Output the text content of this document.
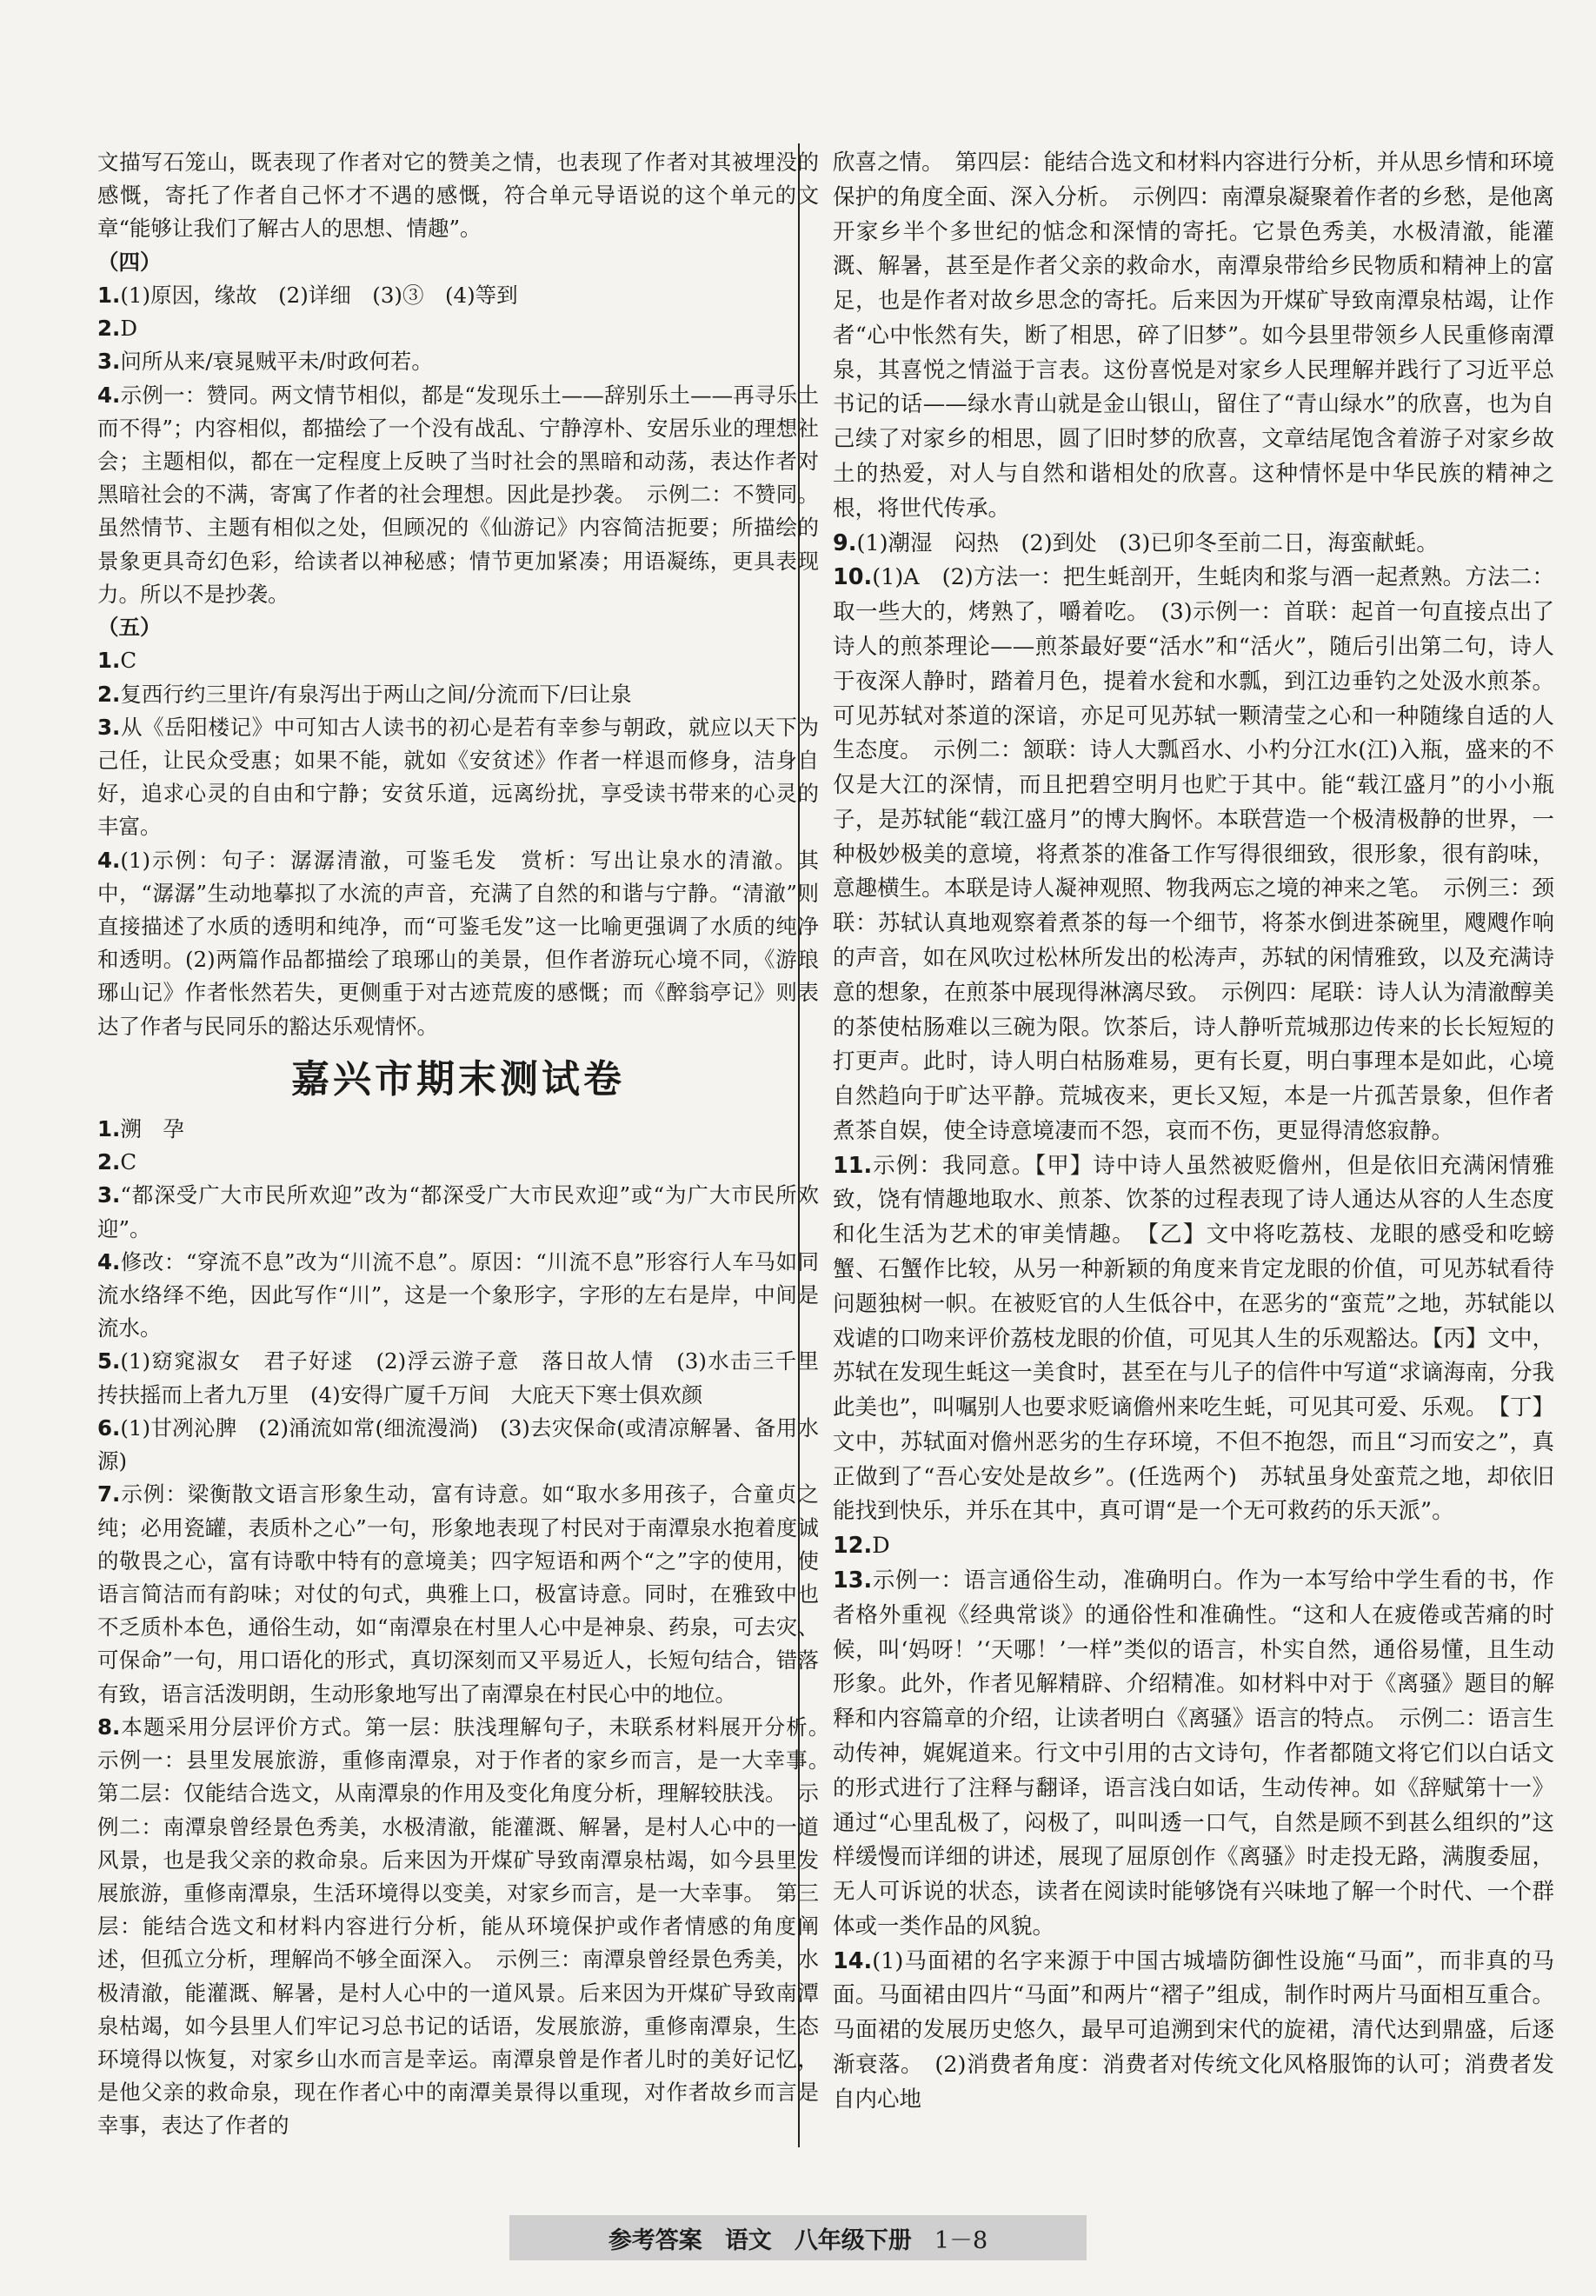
文描写石笼山，既表现了作者对它的赞美之情，也表现了作者对其被埋没的感慨，寄托了作者自己怀才不遇的感慨，符合单元导语说的这个单元的文章“能够让我们了解古人的思想、情趣”。

（四）

1.(1)原因，缘故　(2)详细　(3)③　(4)等到

2.D

3.问所从来/衰晁贼平未/时政何若。

4.示例一：赞同。两文情节相似，都是“发现乐土——辞别乐土——再寻乐土而不得”；内容相似，都描绘了一个没有战乱、宁静淳朴、安居乐业的理想社会；主题相似，都在一定程度上反映了当时社会的黑暗和动荡，表达作者对黑暗社会的不满，寄寓了作者的社会理想。因此是抄袭。　示例二：不赞同。虽然情节、主题有相似之处，但顾况的《仙游记》内容简洁扼要；所描绘的景象更具奇幻色彩，给读者以神秘感；情节更加紧凑；用语凝练，更具表现力。所以不是抄袭。

（五）

1.C

2.复西行约三里许/有泉泻出于两山之间/分流而下/曰让泉

3.从《岳阳楼记》中可知古人读书的初心是若有幸参与朝政，就应以天下为己任，让民众受惠；如果不能，就如《安贫述》作者一样退而修身，洁身自好，追求心灵的自由和宁静；安贫乐道，远离纷扰，享受读书带来的心灵的丰富。

4.(1)示例：句子：潺潺清澈，可鉴毛发　赏析：写出让泉水的清澈。其中，“潺潺”生动地摹拟了水流的声音，充满了自然的和谐与宁静。“清澈”则直接描述了水质的透明和纯净，而“可鉴毛发”这一比喻更强调了水质的纯净和透明。(2)两篇作品都描绘了琅琊山的美景，但作者游玩心境不同，《游琅琊山记》作者怅然若失，更侧重于对古迹荒废的感慨；而《醉翁亭记》则表达了作者与民同乐的豁达乐观情怀。

嘉兴市期末测试卷

1.溯　孕

2.C

3.“都深受广大市民所欢迎”改为“都深受广大市民欢迎”或“为广大市民所欢迎”。

4.修改：“穿流不息”改为“川流不息”。原因：“川流不息”形容行人车马如同流水络绎不绝，因此写作“川”，这是一个象形字，字形的左右是岸，中间是流水。

5.(1)窈窕淑女　君子好逑　(2)浮云游子意　落日故人情　(3)水击三千里　抟扶摇而上者九万里　(4)安得广厦千万间　大庇天下寒士俱欢颜

6.(1)甘冽沁脾　(2)涌流如常(细流漫淌)　(3)去灾保命(或清凉解暑、备用水源)

7.示例：梁衡散文语言形象生动，富有诗意。如“取水多用孩子，合童贞之纯；必用瓷罐，表质朴之心”一句，形象地表现了村民对于南潭泉水抱着度诚的敬畏之心，富有诗歌中特有的意境美；四字短语和两个“之”字的使用，使语言简洁而有韵味；对仗的句式，典雅上口，极富诗意。同时，在雅致中也不乏质朴本色，通俗生动，如“南潭泉在村里人心中是神泉、药泉，可去灾、可保命”一句，用口语化的形式，真切深刻而又平易近人，长短句结合，错落有致，语言活泼明朗，生动形象地写出了南潭泉在村民心中的地位。

8.本题采用分层评价方式。第一层：肤浅理解句子，未联系材料展开分析。　示例一：县里发展旅游，重修南潭泉，对于作者的家乡而言，是一大幸事。　第二层：仅能结合选文，从南潭泉的作用及变化角度分析，理解较肤浅。　示例二：南潭泉曾经景色秀美，水极清澈，能灌溉、解暑，是村人心中的一道风景，也是我父亲的救命泉。后来因为开煤矿导致南潭泉枯竭，如今县里发展旅游，重修南潭泉，生活环境得以变美，对家乡而言，是一大幸事。　第三层：能结合选文和材料内容进行分析，能从环境保护或作者情感的角度阐述，但孤立分析，理解尚不够全面深入。　示例三：南潭泉曾经景色秀美，水极清澈，能灌溉、解暑，是村人心中的一道风景。后来因为开煤矿导致南潭泉枯竭，如今县里人们牢记习总书记的话语，发展旅游，重修南潭泉，生态环境得以恢复，对家乡山水而言是幸运。南潭泉曾是作者儿时的美好记忆，是他父亲的救命泉，现在作者心中的南潭美景得以重现，对作者故乡而言是幸事，表达了作者的

欣喜之情。　第四层：能结合选文和材料内容进行分析，并从思乡情和环境保护的角度全面、深入分析。　示例四：南潭泉凝聚着作者的乡愁，是他离开家乡半个多世纪的惦念和深情的寄托。它景色秀美，水极清澈，能灌溉、解暑，甚至是作者父亲的救命水，南潭泉带给乡民物质和精神上的富足，也是作者对故乡思念的寄托。后来因为开煤矿导致南潭泉枯竭，让作者“心中怅然有失，断了相思，碎了旧梦”。如今县里带领乡人民重修南潭泉，其喜悦之情溢于言表。这份喜悦是对家乡人民理解并践行了习近平总书记的话——绿水青山就是金山银山，留住了“青山绿水”的欣喜，也为自己续了对家乡的相思，圆了旧时梦的欣喜，文章结尾饱含着游子对家乡故土的热爱，对人与自然和谐相处的欣喜。这种情怀是中华民族的精神之根，将世代传承。

9.(1)潮湿　闷热　(2)到处　(3)已卯冬至前二日，海蛮献蚝。

10.(1)A　(2)方法一：把生蚝剖开，生蚝肉和浆与酒一起煮熟。方法二：取一些大的，烤熟了，嚼着吃。　(3)示例一：首联：起首一句直接点出了诗人的煎茶理论——煎茶最好要“活水”和“活火”，随后引出第二句，诗人于夜深人静时，踏着月色，提着水瓮和水瓢，到江边垂钓之处汲水煎茶。可见苏轼对茶道的深谙，亦足可见苏轼一颗清莹之心和一种随缘自适的人生态度。　示例二：颔联：诗人大瓢舀水、小杓分江水(江)入瓶，盛来的不仅是大江的深情，而且把碧空明月也贮于其中。能“载江盛月”的小小瓶子，是苏轼能“载江盛月”的博大胸怀。本联营造一个极清极静的世界，一种极妙极美的意境，将煮茶的准备工作写得很细致，很形象，很有韵味，意趣横生。本联是诗人凝神观照、物我两忘之境的神来之笔。　示例三：颈联：苏轼认真地观察着煮茶的每一个细节，将茶水倒进茶碗里，飕飕作响的声音，如在风吹过松林所发出的松涛声，苏轼的闲情雅致，以及充满诗意的想象，在煎茶中展现得淋漓尽致。　示例四：尾联：诗人认为清澈醇美的茶使枯肠难以三碗为限。饮茶后，诗人静听荒城那边传来的长长短短的打更声。此时，诗人明白枯肠难易，更有长夏，明白事理本是如此，心境自然趋向于旷达平静。荒城夜来，更长又短，本是一片孤苦景象，但作者煮茶自娱，使全诗意境凄而不怨，哀而不伤，更显得清悠寂静。

11.示例：我同意。【甲】诗中诗人虽然被贬儋州，但是依旧充满闲情雅致，饶有情趣地取水、煎茶、饮茶的过程表现了诗人通达从容的人生态度和化生活为艺术的审美情趣。　【乙】文中将吃荔枝、龙眼的感受和吃螃蟹、石蟹作比较，从另一种新颖的角度来肯定龙眼的价值，可见苏轼看待问题独树一帜。在被贬官的人生低谷中，在恶劣的“蛮荒”之地，苏轼能以戏谑的口吻来评价荔枝龙眼的价值，可见其人生的乐观豁达。【丙】文中，苏轼在发现生蚝这一美食时，甚至在与儿子的信件中写道“求谪海南，分我此美也”，叫嘱别人也要求贬谪儋州来吃生蚝，可见其可爱、乐观。　【丁】文中，苏轼面对儋州恶劣的生存环境，不但不抱怨，而且“习而安之”，真正做到了“吾心安处是故乡”。(任选两个)　苏轼虽身处蛮荒之地，却依旧能找到快乐，并乐在其中，真可谓“是一个无可救药的乐天派”。

12.D

13.示例一：语言通俗生动，准确明白。作为一本写给中学生看的书，作者格外重视《经典常谈》的通俗性和准确性。“这和人在疲倦或苦痛的时候，叫‘妈呀！’‘天哪！’一样”类似的语言，朴实自然，通俗易懂，且生动形象。此外，作者见解精辟、介绍精准。如材料中对于《离骚》题目的解释和内容篇章的介绍，让读者明白《离骚》语言的特点。　示例二：语言生动传神，娓娓道来。行文中引用的古文诗句，作者都随文将它们以白话文的形式进行了注释与翻译，语言浅白如话，生动传神。如《辞赋第十一》通过“心里乱极了，闷极了，叫叫透一口气，自然是顾不到甚么组织的”这样缓慢而详细的讲述，展现了屈原创作《离骚》时走投无路，满腹委屈，无人可诉说的状态，读者在阅读时能够饶有兴味地了解一个时代、一个群体或一类作品的风貌。

14.(1)马面裙的名字来源于中国古城墙防御性设施“马面”，而非真的马面。马面裙由四片“马面”和两片“褶子”组成，制作时两片马面相互重合。马面裙的发展历史悠久，最早可追溯到宋代的旋裙，清代达到鼎盛，后逐渐衰落。　(2)消费者角度：消费者对传统文化风格服饰的认可；消费者发自内心地

参考答案 语文 八年级下册 1－8
